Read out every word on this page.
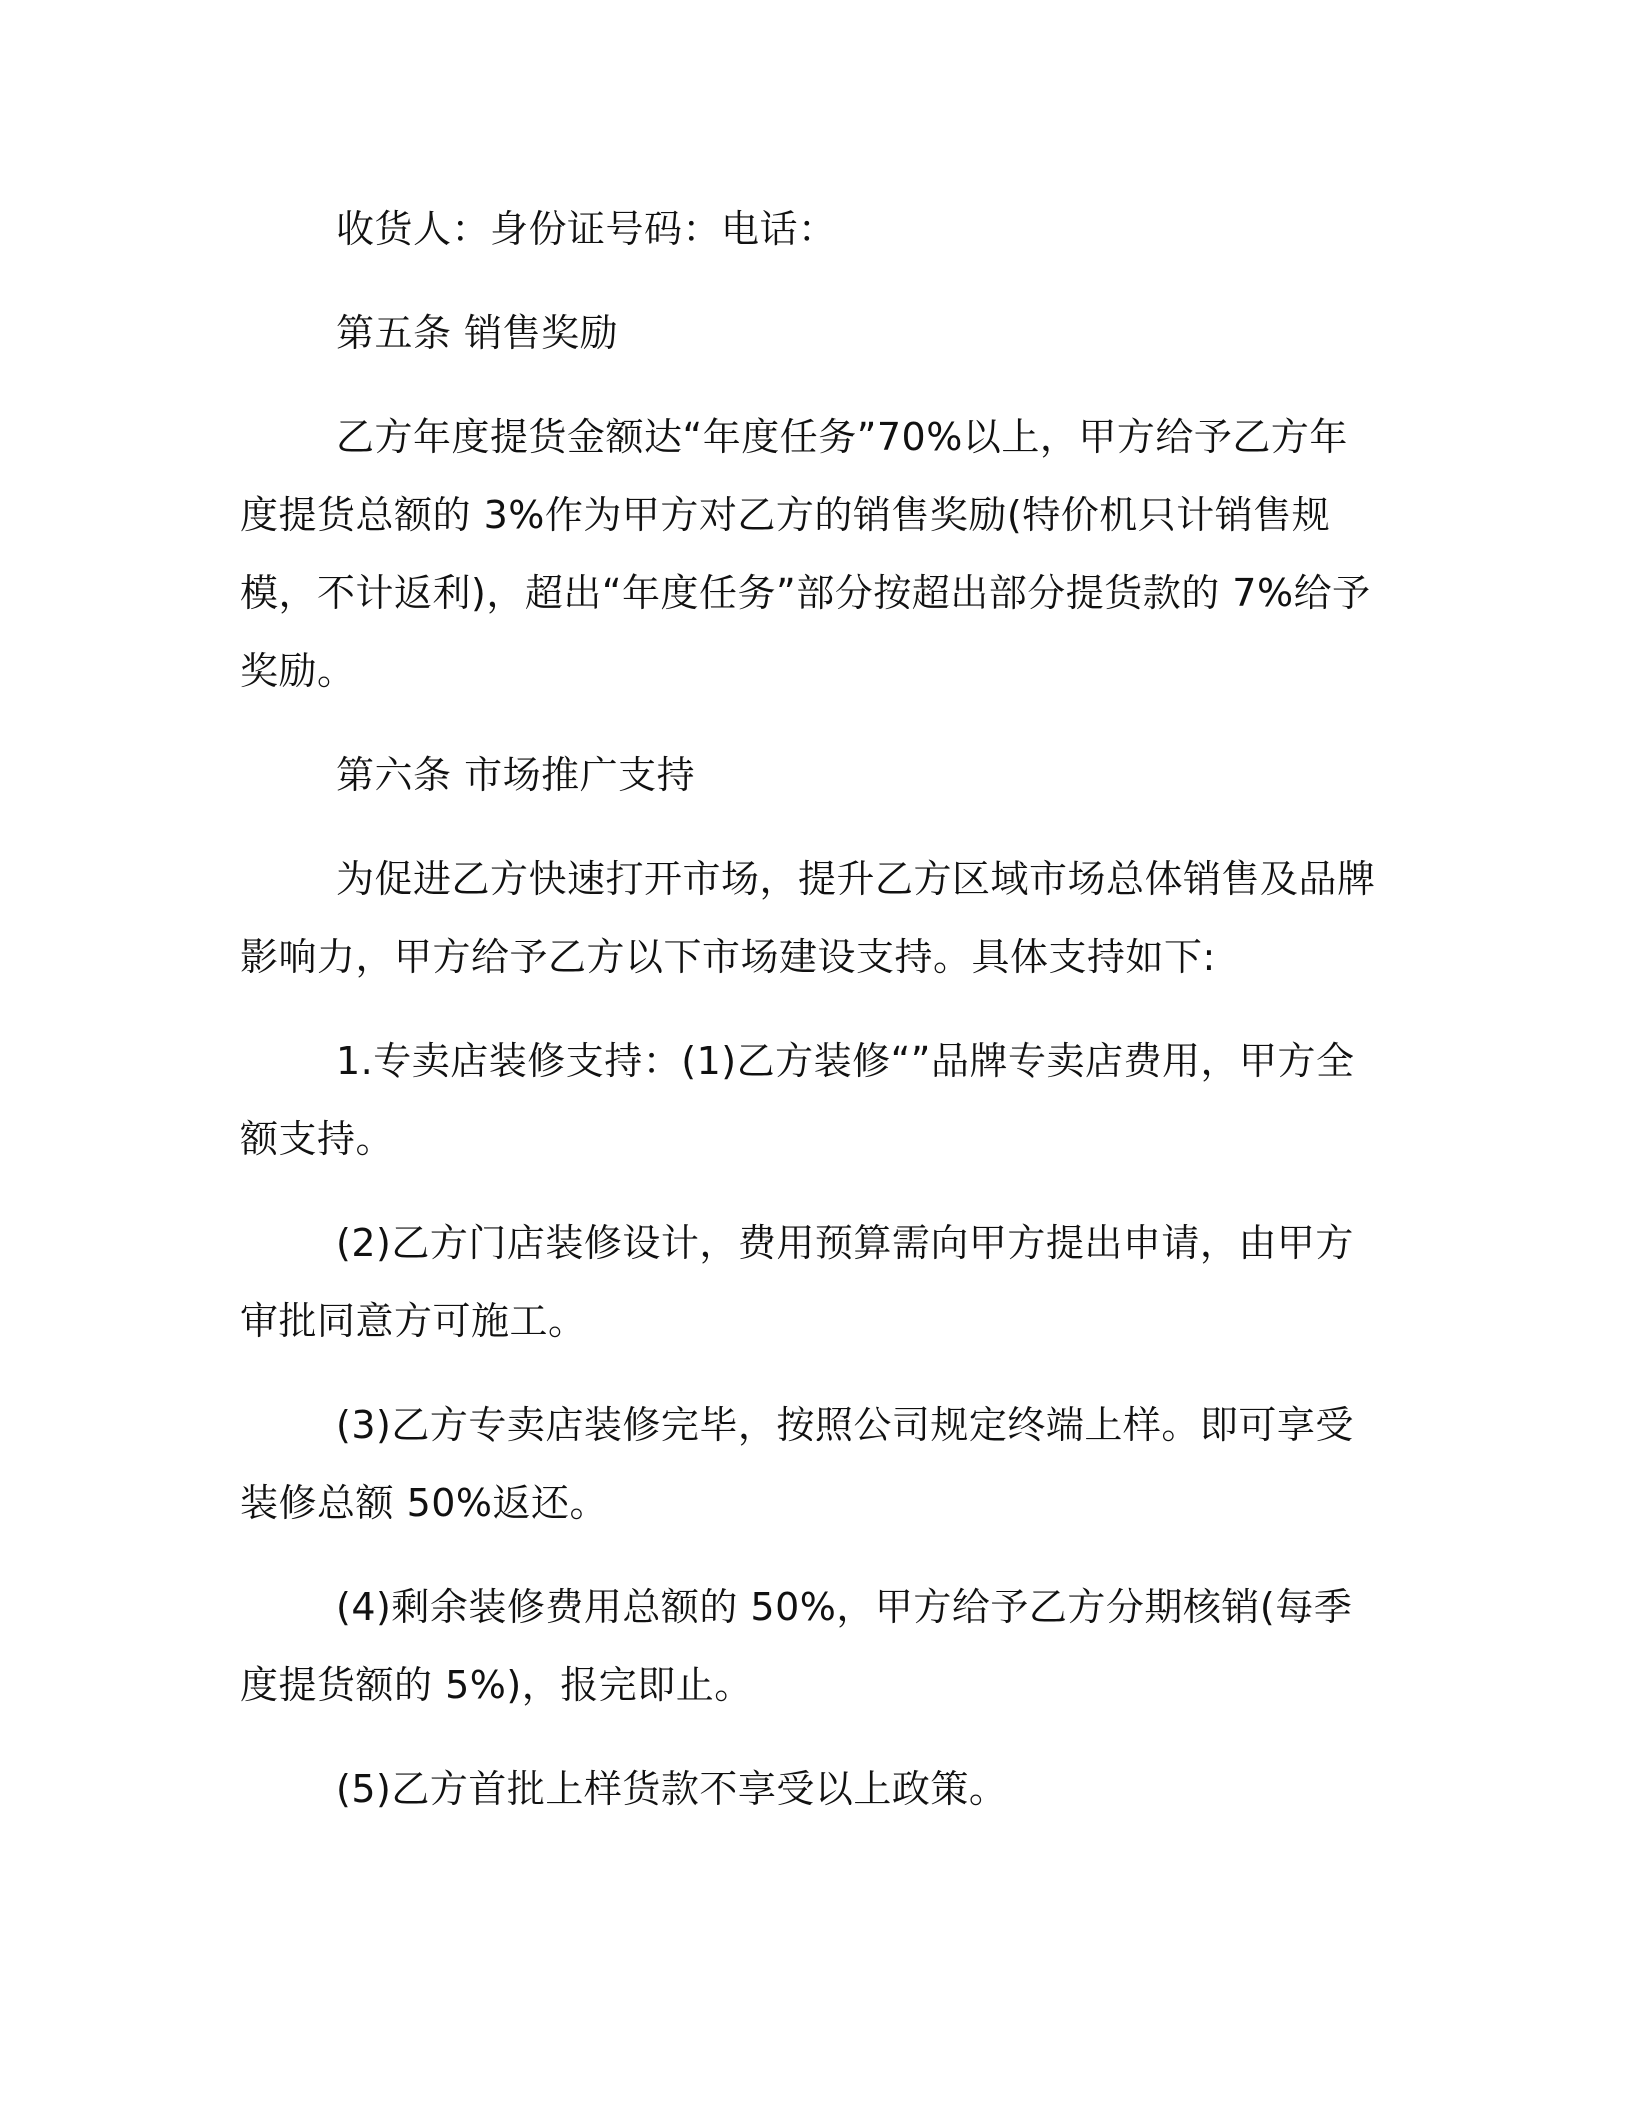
收货人：身份证号码：电话：

第五条 销售奖励

乙方年度提货金额达“年度任务”70%以上，甲方给予乙方年度提货总额的 3%作为甲方对乙方的销售奖励(特价机只计销售规模，不计返利)，超出“年度任务”部分按超出部分提货款的 7%给予奖励。

第六条 市场推广支持

为促进乙方快速打开市场，提升乙方区域市场总体销售及品牌影响力，甲方给予乙方以下市场建设支持。具体支持如下:

1.专卖店装修支持：(1)乙方装修“”品牌专卖店费用，甲方全额支持。

(2)乙方门店装修设计，费用预算需向甲方提出申请，由甲方审批同意方可施工。

(3)乙方专卖店装修完毕，按照公司规定终端上样。即可享受装修总额 50%返还。

(4)剩余装修费用总额的 50%，甲方给予乙方分期核销(每季度提货额的 5%)，报完即止。

(5)乙方首批上样货款不享受以上政策。
